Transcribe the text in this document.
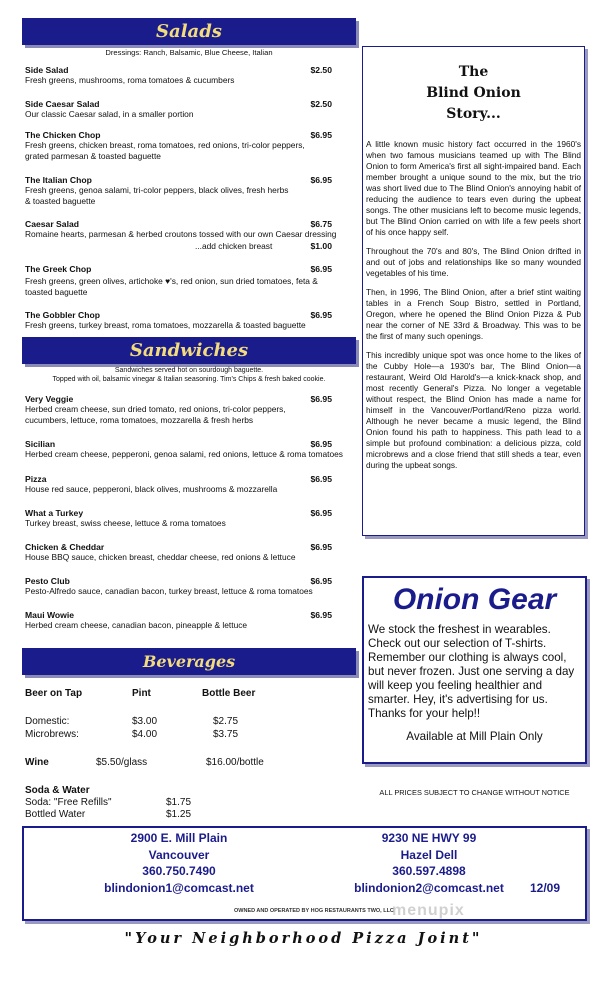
Salads
Dressings: Ranch, Balsamic, Blue Cheese, Italian
Side Salad	$2.50
Fresh greens, mushrooms, roma tomatoes & cucumbers
Side Caesar Salad	$2.50
Our classic Caesar salad, in a smaller portion
The Chicken Chop	$6.95
Fresh greens, chicken breast, roma tomatoes, red onions, tri-color peppers, grated parmesan & toasted baguette
The Italian Chop	$6.95
Fresh greens, genoa salami, tri-color peppers, black olives, fresh herbs & toasted baguette
Caesar Salad	$6.75
Romaine hearts, parmesan & herbed croutons tossed with our own Caesar dressing
...add chicken breast	$1.00
The Greek Chop	$6.95
Fresh greens, green olives, artichoke ♥'s, red onion, sun dried tomatoes, feta & toasted baguette
The Gobbler Chop	$6.95
Fresh greens, turkey breast, roma tomatoes, mozzarella & toasted baguette
Sandwiches
Sandwiches served hot on sourdough baguette.
Topped with oil, balsamic vinegar & Italian seasoning. Tim's Chips & fresh baked cookie.
Very Veggie	$6.95
Herbed cream cheese, sun dried tomato, red onions, tri-color peppers, cucumbers, lettuce, roma tomatoes, mozzarella & fresh herbs
Sicilian	$6.95
Herbed cream cheese, pepperoni, genoa salami, red onions, lettuce & roma tomatoes
Pizza	$6.95
House red sauce, pepperoni, black olives, mushrooms & mozzarella
What a Turkey	$6.95
Turkey breast, swiss cheese, lettuce & roma tomatoes
Chicken & Cheddar	$6.95
House BBQ sauce, chicken breast, cheddar cheese, red onions & lettuce
Pesto Club	$6.95
Pesto-Alfredo sauce, canadian bacon, turkey breast, lettuce & roma tomatoes
Maui Wowie	$6.95
Herbed cream cheese, canadian bacon, pineapple & lettuce
Beverages
Beer on Tap	Pint	Bottle Beer
Domestic:	$3.00	$2.75
Microbrews:	$4.00	$3.75
Wine	$5.50/glass	$16.00/bottle
Soda & Water
Soda: "Free Refills"	$1.75
Bottled Water	$1.25
The
Blind Onion
Story...

A little known music history fact occurred in the 1960's when two famous musicians teamed up with The Blind Onion to form America's first all sight-impaired band. Each member brought a unique sound to the mix, but the trio was short lived due to The Blind Onion's annoying habit of reducing the audience to tears even during the upbeat songs. The other musicians left to become music legends, but The Blind Onion carried on with life a few peels short of his once happy self.

Throughout the 70's and 80's, The Blind Onion drifted in and out of jobs and relationships like so many wounded vegetables of his time.

Then, in 1996, The Blind Onion, after a brief stint waiting tables in a French Soup Bistro, settled in Portland, Oregon, where he opened the Blind Onion Pizza & Pub near the corner of NE 33rd & Broadway. This was to be the first of many such openings.

This incredibly unique spot was once home to the likes of the Cubby Hole—a 1930's bar, The Blind Onion—a restaurant, Weird Old Harold's—a knick-knack shop, and most recently General's Pizza. No longer a vegetable without respect, the Blind Onion has made a name for himself in the Vancouver/Portland/Reno pizza world. Although he never became a music legend, the Blind Onion found his path to happiness. This path lead to a simple but profound combination: a delicious pizza, cold microbrews and a close friend that still sheds a tear, even during the upbeat songs.

Onion Gear
We stock the freshest in wearables. Check out our selection of T-shirts. Remember our clothing is always cool, but never frozen. Just one serving a day will keep you feeling healthier and smarter. Hey, it's advertising for us. Thanks for your help!!
Available at Mill Plain Only
ALL PRICES SUBJECT TO CHANGE WITHOUT NOTICE
2900 E. Mill Plain
Vancouver
360.750.7490
blindonion1@comcast.net
9230 NE HWY 99
Hazel Dell
360.597.4898
blindonion2@comcast.net	12/09
OWNED AND OPERATED BY HOG RESTAURANTS TWO, LLC
menupix
"Your Neighborhood Pizza Joint"
